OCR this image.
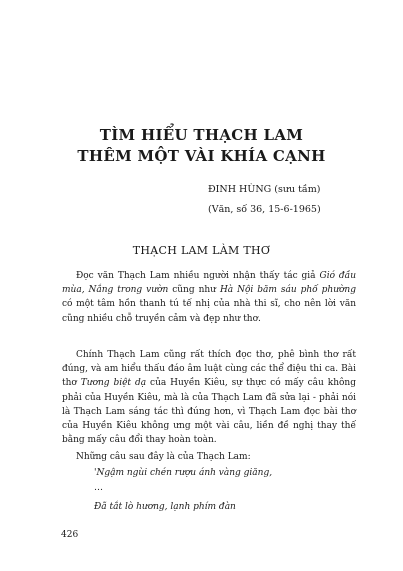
TÌM HIỂU THẠCH LAM
THÊM MỘT VÀI KHÍA CẠNH
ĐINH HÙNG (sưu tầm)
(Văn, số 36, 15-6-1965)
THẠCH LAM LÀM THƠ

Đọc văn Thạch Lam nhiều người nhận thấy tác giả Gió đầu mùa, Nắng trong vườn cũng như Hà Nội băm sáu phố phường có một tâm hồn thanh tú tế nhị của nhà thi sĩ, cho nên lời văn cũng nhiều chỗ truyền cảm và đẹp như thơ.

Chính Thạch Lam cũng rất thích đọc thơ, phê bình thơ rất đúng, và am hiểu thấu đáo âm luật cùng các thể điệu thi ca. Bài thơ Tương biệt dạ của Huyền Kiêu, sự thực có mấy câu không phải của Huyền Kiêu, mà là của Thạch Lam đã sửa lại - phải nói là Thạch Lam sáng tác thì đúng hơn, vì Thạch Lam đọc bài thơ của Huyền Kiêu không ưng một vài câu, liền đề nghị thay thế bằng mấy câu đổi thay hoàn toàn.

Những câu sau đây là của Thạch Lam:

'Ngậm ngùi chén rượu ánh vàng giăng,
…
Đã tắt lò hương, lạnh phím đàn
426
